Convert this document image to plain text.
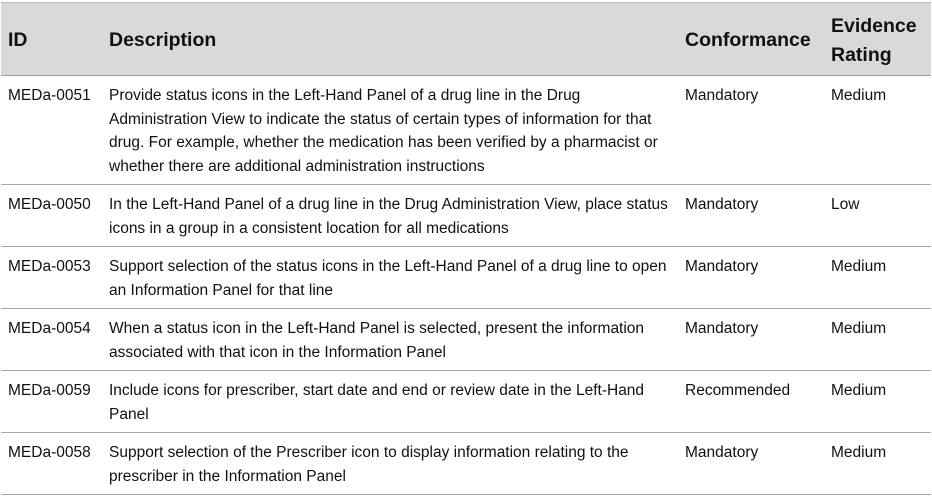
ID	Description	Conformance	Evidence
Rating
MEDa-0051	Provide status icons in the Left-Hand Panel of a drug line in the Drug Administration View to indicate the status of certain types of information for that drug. For example, whether the medication has been verified by a pharmacist or whether there are additional administration instructions	Mandatory	Medium
MEDa-0050	In the Left-Hand Panel of a drug line in the Drug Administration View, place status icons in a group in a consistent location for all medications	Mandatory	Low
MEDa-0053	Support selection of the status icons in the Left-Hand Panel of a drug line to open an Information Panel for that line	Mandatory	Medium
MEDa-0054	When a status icon in the Left-Hand Panel is selected, present the information associated with that icon in the Information Panel	Mandatory	Medium
MEDa-0059	Include icons for prescriber, start date and end or review date in the Left-Hand Panel	Recommended	Medium
MEDa-0058	Support selection of the Prescriber icon to display information relating to the prescriber in the Information Panel	Mandatory	Medium
